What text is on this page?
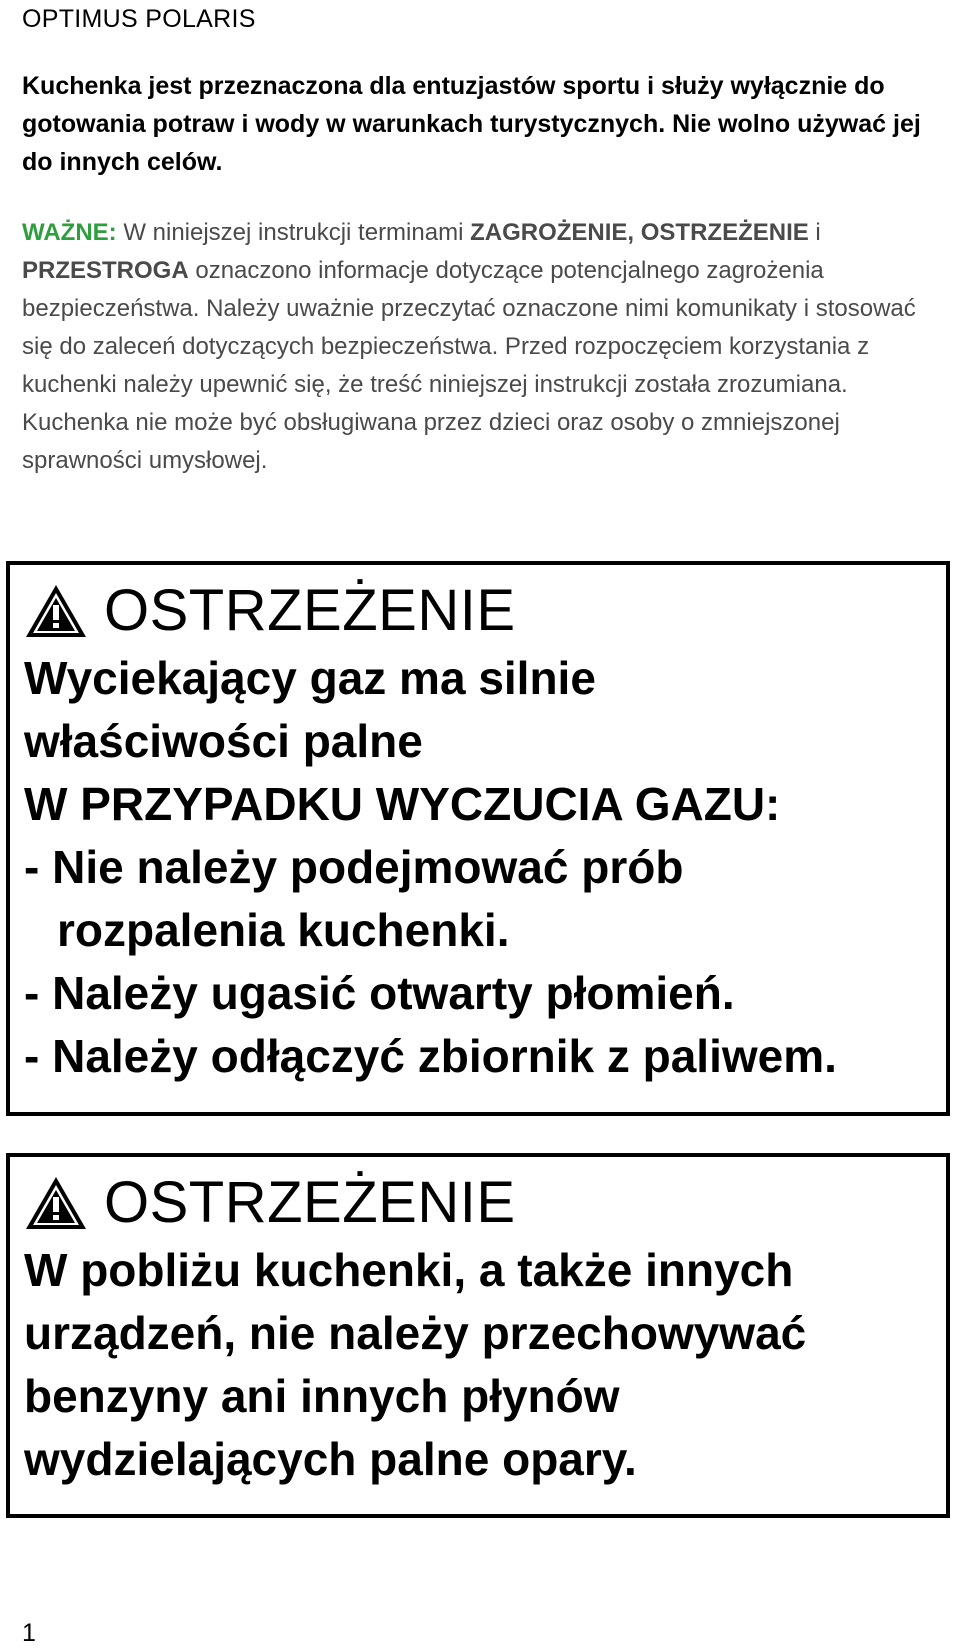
OPTIMUS POLARIS

Kuchenka jest przeznaczona dla entuzjastów sportu i służy wyłącznie do gotowania potraw i wody w warunkach turystycznych. Nie wolno używać jej do innych celów.

WAŻNE: W niniejszej instrukcji terminami ZAGROŻENIE, OSTRZEŻENIE i PRZESTROGA oznaczono informacje dotyczące potencjalnego zagrożenia bezpieczeństwa. Należy uważnie przeczytać oznaczone nimi komunikaty i stosować się do zaleceń dotyczących bezpieczeństwa. Przed rozpoczęciem korzystania z kuchenki należy upewnić się, że treść niniejszej instrukcji została zrozumiana. Kuchenka nie może być obsługiwana przez dzieci oraz osoby o zmniejszonej sprawności umysłowej.

OSTRZEŻENIE
Wyciekający gaz ma silnie
właściwości palne
W PRZYPADKU WYCZUCIA GAZU:
- Nie należy podejmować prób
rozpalenia kuchenki.
- Należy ugasić otwarty płomień.
- Należy odłączyć zbiornik z paliwem.
OSTRZEŻENIE
W pobliżu kuchenki, a także innych
urządzeń, nie należy przechowywać
benzyny ani innych płynów
wydzielających palne opary.
1
